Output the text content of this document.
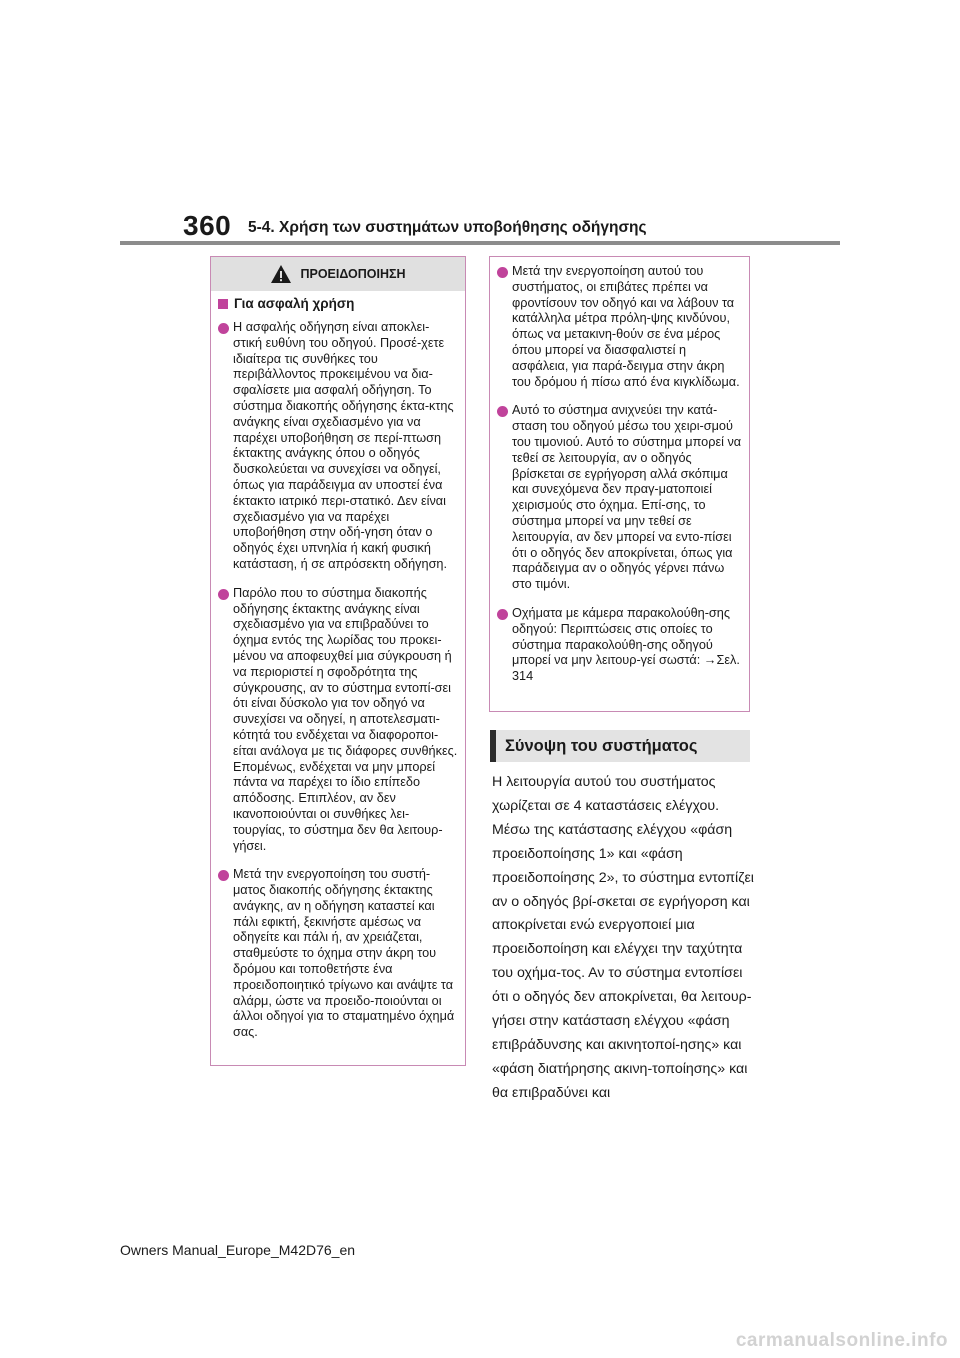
360 5-4. Χρήση των συστημάτων υποβοήθησης οδήγησης
ΠΡΟΕΙΔΟΠΟΙΗΣΗ
Για ασφαλή χρήση
Η ασφαλής οδήγηση είναι αποκλει-στική ευθύνη του οδηγού. Προσέ-χετε ιδιαίτερα τις συνθήκες του περιβάλλοντος προκειμένου να δια-σφαλίσετε μια ασφαλή οδήγηση. Το σύστημα διακοπής οδήγησης έκτα-κτης ανάγκης είναι σχεδιασμένο για να παρέχει υποβοήθηση σε περί-πτωση έκτακτης ανάγκης όπου ο οδηγός δυσκολεύεται να συνεχίσει να οδηγεί, όπως για παράδειγμα αν υποστεί ένα έκτακτο ιατρικό περι-στατικό. Δεν είναι σχεδιασμένο για να παρέχει υποβοήθηση στην οδή-γηση όταν ο οδηγός έχει υπνηλία ή κακή φυσική κατάσταση, ή σε απρόσεκτη οδήγηση.
Παρόλο που το σύστημα διακοπής οδήγησης έκτακτης ανάγκης είναι σχεδιασμένο για να επιβραδύνει το όχημα εντός της λωρίδας του προκει-μένου να αποφευχθεί μια σύγκρουση ή να περιοριστεί η σφοδρότητα της σύγκρουσης, αν το σύστημα εντοπί-σει ότι είναι δύσκολο για τον οδηγό να συνεχίσει να οδηγεί, η αποτελεσματι-κότητά του ενδέχεται να διαφοροποι-είται ανάλογα με τις διάφορες συνθήκες. Επομένως, ενδέχεται να μην μπορεί πάντα να παρέχει το ίδιο επίπεδο απόδοσης. Επιπλέον, αν δεν ικανοποιούνται οι συνθήκες λει-τουργίας, το σύστημα δεν θα λειτουρ-γήσει.
Μετά την ενεργοποίηση του συστή-ματος διακοπής οδήγησης έκτακτης ανάγκης, αν η οδήγηση καταστεί και πάλι εφικτή, ξεκινήστε αμέσως να οδηγείτε και πάλι ή, αν χρειάζεται, σταθμεύστε το όχημα στην άκρη του δρόμου και τοποθετήστε ένα προειδοποιητικό τρίγωνο και ανάψτε τα αλάρμ, ώστε να προειδο-ποιούνται οι άλλοι οδηγοί για το σταματημένο όχημά σας.
Μετά την ενεργοποίηση αυτού του συστήματος, οι επιβάτες πρέπει να φροντίσουν τον οδηγό και να λάβουν τα κατάλληλα μέτρα πρόλη-ψης κινδύνου, όπως να μετακινη-θούν σε ένα μέρος όπου μπορεί να διασφαλιστεί η ασφάλεια, για παρά-δειγμα στην άκρη του δρόμου ή πίσω από ένα κιγκλίδωμα.
Αυτό το σύστημα ανιχνεύει την κατά-σταση του οδηγού μέσω του χειρι-σμού του τιμονιού. Αυτό το σύστημα μπορεί να τεθεί σε λειτουργία, αν ο οδηγός βρίσκεται σε εγρήγορση αλλά σκόπιμα και συνεχόμενα δεν πραγ-ματοποιεί χειρισμούς στο όχημα. Επί-σης, το σύστημα μπορεί να μην τεθεί σε λειτουργία, αν δεν μπορεί να εντο-πίσει ότι ο οδηγός δεν αποκρίνεται, όπως για παράδειγμα αν ο οδηγός γέρνει πάνω στο τιμόνι.
Οχήματα με κάμερα παρακολούθη-σης οδηγού: Περιπτώσεις στις οποίες το σύστημα παρακολούθη-σης οδηγού μπορεί να μην λειτουρ-γεί σωστά: →Σελ. 314
Σύνοψη του συστήματος
Η λειτουργία αυτού του συστήματος χωρίζεται σε 4 καταστάσεις ελέγχου. Μέσω της κατάστασης ελέγχου «φάση προειδοποίησης 1» και «φάση προειδοποίησης 2», το σύστημα εντοπίζει αν ο οδηγός βρί-σκεται σε εγρήγορση και αποκρίνεται ενώ ενεργοποιεί μια προειδοποίηση και ελέγχει την ταχύτητα του οχήμα-τος. Αν το σύστημα εντοπίσει ότι ο οδηγός δεν αποκρίνεται, θα λειτουρ-γήσει στην κατάσταση ελέγχου «φάση επιβράδυνσης και ακινητοποί-ησης» και «φάση διατήρησης ακινη-τοποίησης» και θα επιβραδύνει και
Owners Manual_Europe_M42D76_en
carmanualsonline.info
